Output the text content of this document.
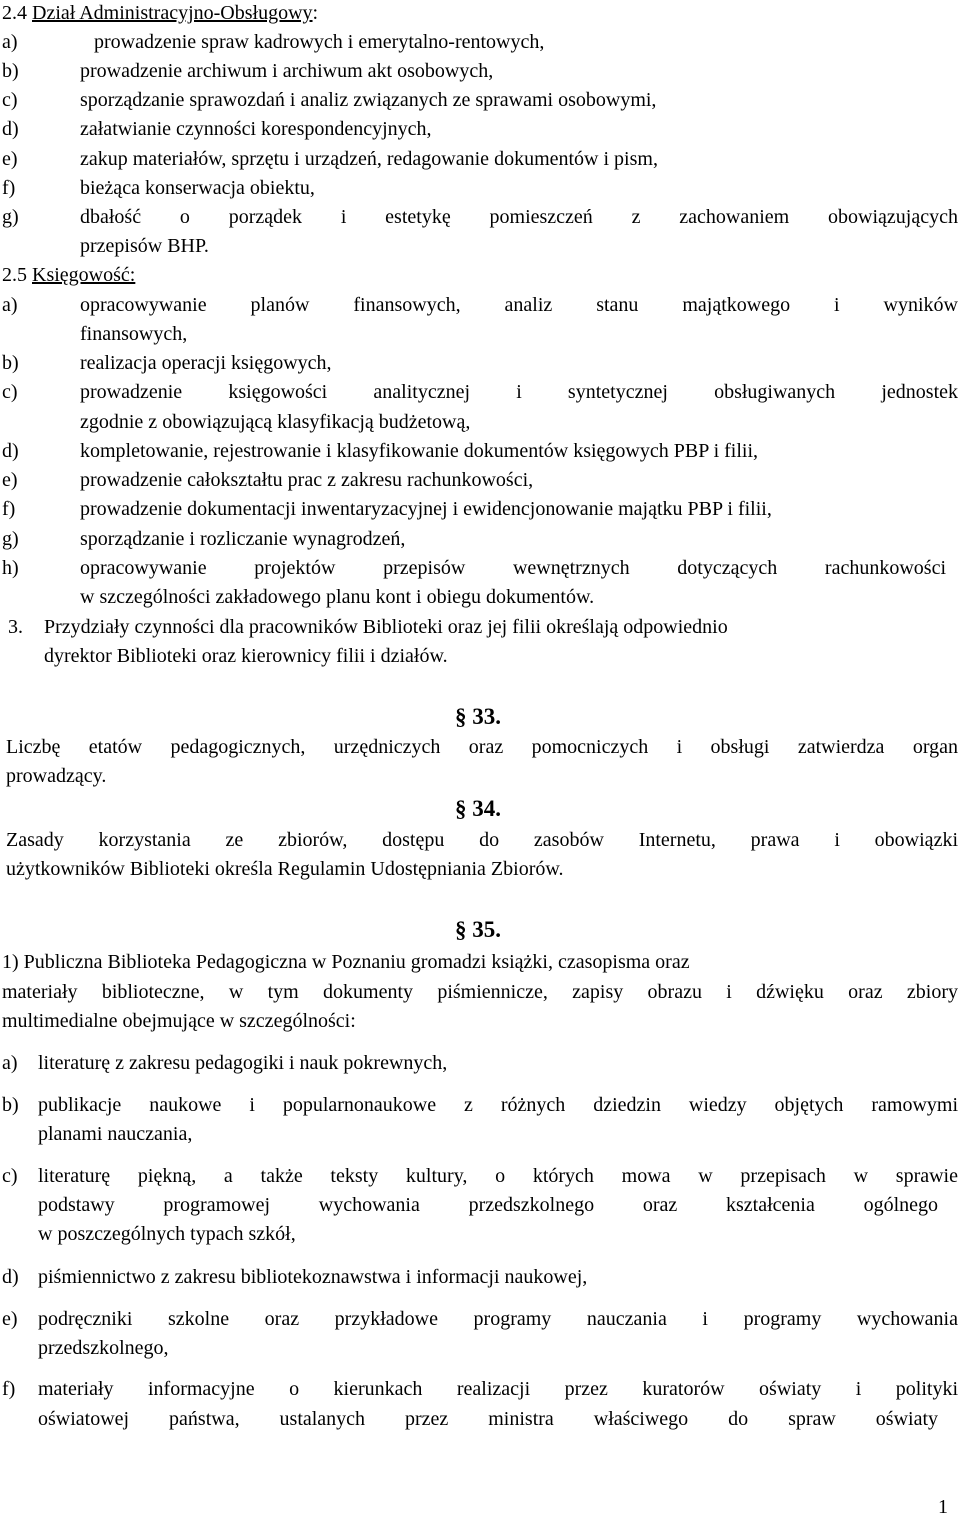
2.4 Dział Administracyjno-Obsługowy:
a)	prowadzenie spraw kadrowych i emerytalno-rentowych,
b)	prowadzenie archiwum i archiwum akt osobowych,
c)	sporządzanie sprawozdań i analiz związanych ze sprawami osobowymi,
d)	załatwianie czynności korespondencyjnych,
e)	zakup materiałów, sprzętu i urządzeń, redagowanie dokumentów i pism,
f)	bieżąca konserwacja obiektu,
g)	dbałość o porządek i estetykę pomieszczeń z zachowaniem obowiązujących
przepisów BHP.
2.5 Księgowość:
a)	opracowywanie planów finansowych, analiz stanu majątkowego i wyników
finansowych,
b)	realizacja operacji księgowych,
c)	prowadzenie księgowości analitycznej i syntetycznej obsługiwanych jednostek
zgodnie z obowiązującą klasyfikacją budżetową,
d)	kompletowanie, rejestrowanie i klasyfikowanie dokumentów księgowych PBP i filii,
e)	prowadzenie całokształtu prac z zakresu rachunkowości,
f)	prowadzenie dokumentacji inwentaryzacyjnej i ewidencjonowanie majątku PBP i filii,
g)	sporządzanie i rozliczanie wynagrodzeń,
h)	opracowywanie projektów przepisów wewnętrznych dotyczących rachunkowości
w szczególności zakładowego planu kont i obiegu dokumentów.
3. Przydziały czynności dla pracowników Biblioteki oraz jej filii określają odpowiednio
dyrektor Biblioteki oraz kierownicy filii i działów.
§ 33.
Liczbę etatów pedagogicznych, urzędniczych oraz pomocniczych i obsługi zatwierdza organ
prowadzący.
§ 34.
Zasady korzystania ze zbiorów, dostępu do zasobów Internetu, prawa i obowiązki
użytkowników Biblioteki określa Regulamin Udostępniania Zbiorów.
§ 35.
1) Publiczna Biblioteka Pedagogiczna w Poznaniu gromadzi książki, czasopisma oraz
materiały biblioteczne, w tym dokumenty piśmiennicze, zapisy obrazu i dźwięku oraz zbiory
multimedialne obejmujące w szczególności:
a) literaturę z zakresu pedagogiki i nauk pokrewnych,
b) publikacje naukowe i popularnonaukowe z różnych dziedzin wiedzy objętych ramowymi
planami nauczania,
c) literaturę piękną, a także teksty kultury, o których mowa w przepisach w sprawie
podstawy programowej wychowania przedszkolnego oraz kształcenia ogólnego
w poszczególnych typach szkół,
d) piśmiennictwo z zakresu bibliotekoznawstwa i informacji naukowej,
e) podręczniki szkolne oraz przykładowe programy nauczania i programy wychowania
przedszkolnego,
f) materiały informacyjne o kierunkach realizacji przez kuratorów oświaty i polityki
oświatowej państwa, ustalanych przez ministra właściwego do spraw oświaty
1
